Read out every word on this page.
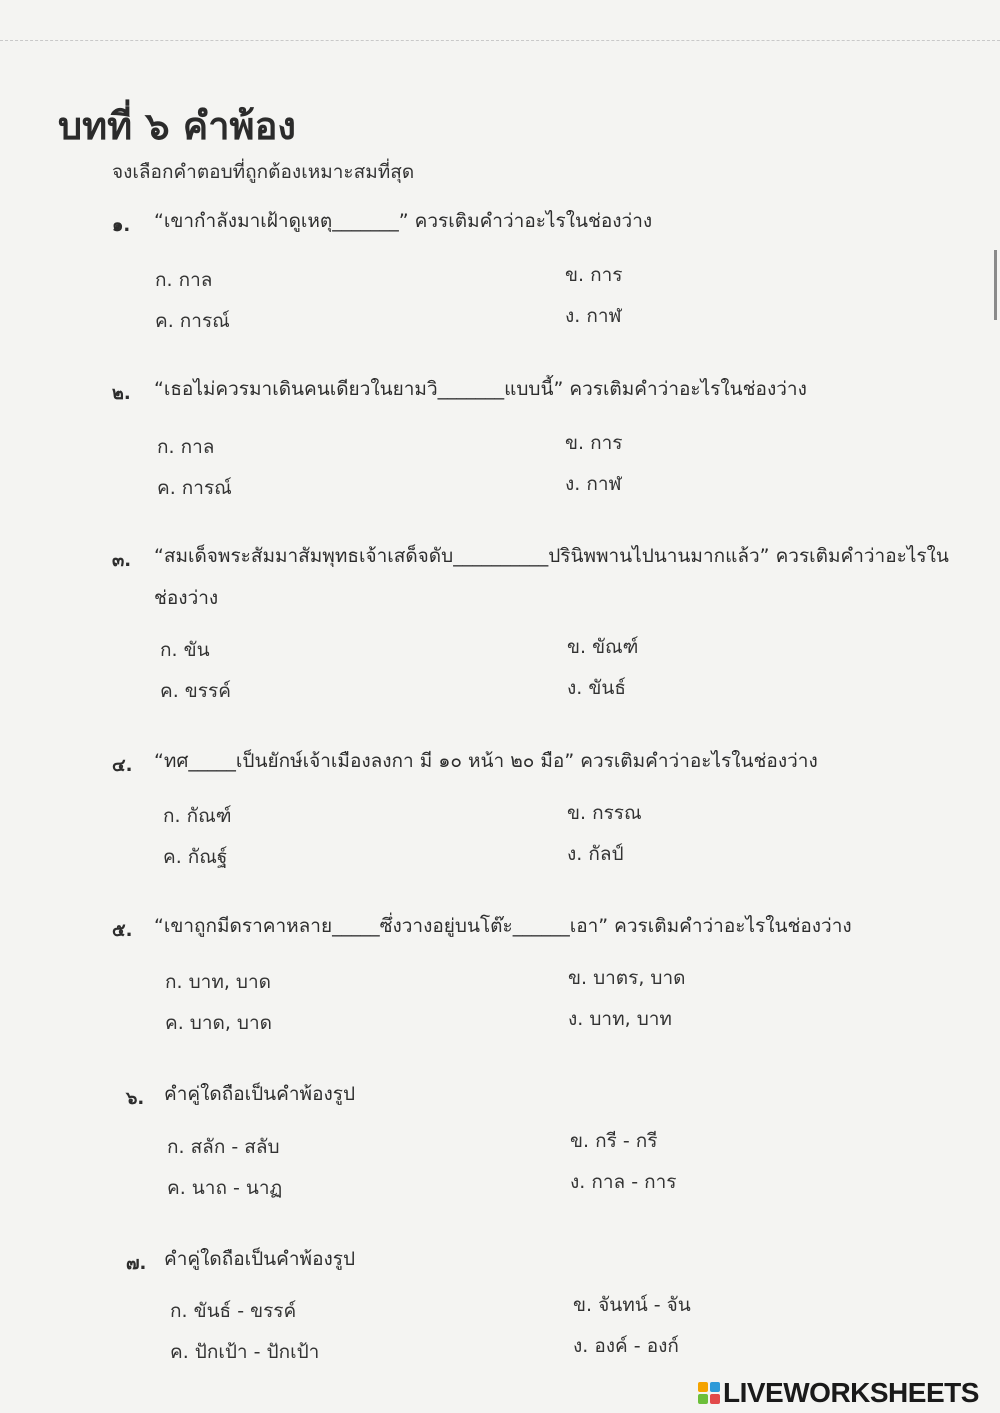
บทที่ ๖ คำพ้อง
จงเลือกคำตอบที่ถูกต้องเหมาะสมที่สุด
๑.	“เขากำลังมาเฝ้าดูเหตุ_______” ควรเติมคำว่าอะไรในช่องว่าง
ก. กาล	ข. การ
ค. การณ์	ง. กาฬ
๒.	“เธอไม่ควรมาเดินคนเดียวในยามวิ_______แบบนี้” ควรเติมคำว่าอะไรในช่องว่าง
ก. กาล	ข. การ
ค. การณ์	ง. กาฬ
๓.	“สมเด็จพระสัมมาสัมพุทธเจ้าเสด็จดับ__________ปรินิพพานไปนานมากแล้ว” ควรเติมคำว่าอะไรในช่องว่าง
ก. ขัน	ข. ขัณฑ์
ค. ขรรค์	ง. ขันธ์
๔.	“ทศ_____เป็นยักษ์เจ้าเมืองลงกา มี ๑๐ หน้า ๒๐ มือ” ควรเติมคำว่าอะไรในช่องว่าง
ก. กัณฑ์	ข. กรรณ
ค. กัณฐ์	ง. กัลป์
๕.	“เขาถูกมีดราคาหลาย_____ซึ่งวางอยู่บนโต๊ะ______เอา” ควรเติมคำว่าอะไรในช่องว่าง
ก. บาท, บาด	ข. บาตร, บาด
ค. บาด, บาด	ง. บาท, บาท
๖.	คำคู่ใดถือเป็นคำพ้องรูป
ก. สลัก - สลับ	ข. กรี - กรี
ค. นาถ - นาฏ	ง. กาล - การ
๗. คำคู่ใดถือเป็นคำพ้องรูป
ก. ขันธ์ - ขรรค์	ข. จันทน์ - จัน
ค. ปักเป้า - ปักเป้า	ง. องค์ - องก์
LIVEWORKSHEETS
